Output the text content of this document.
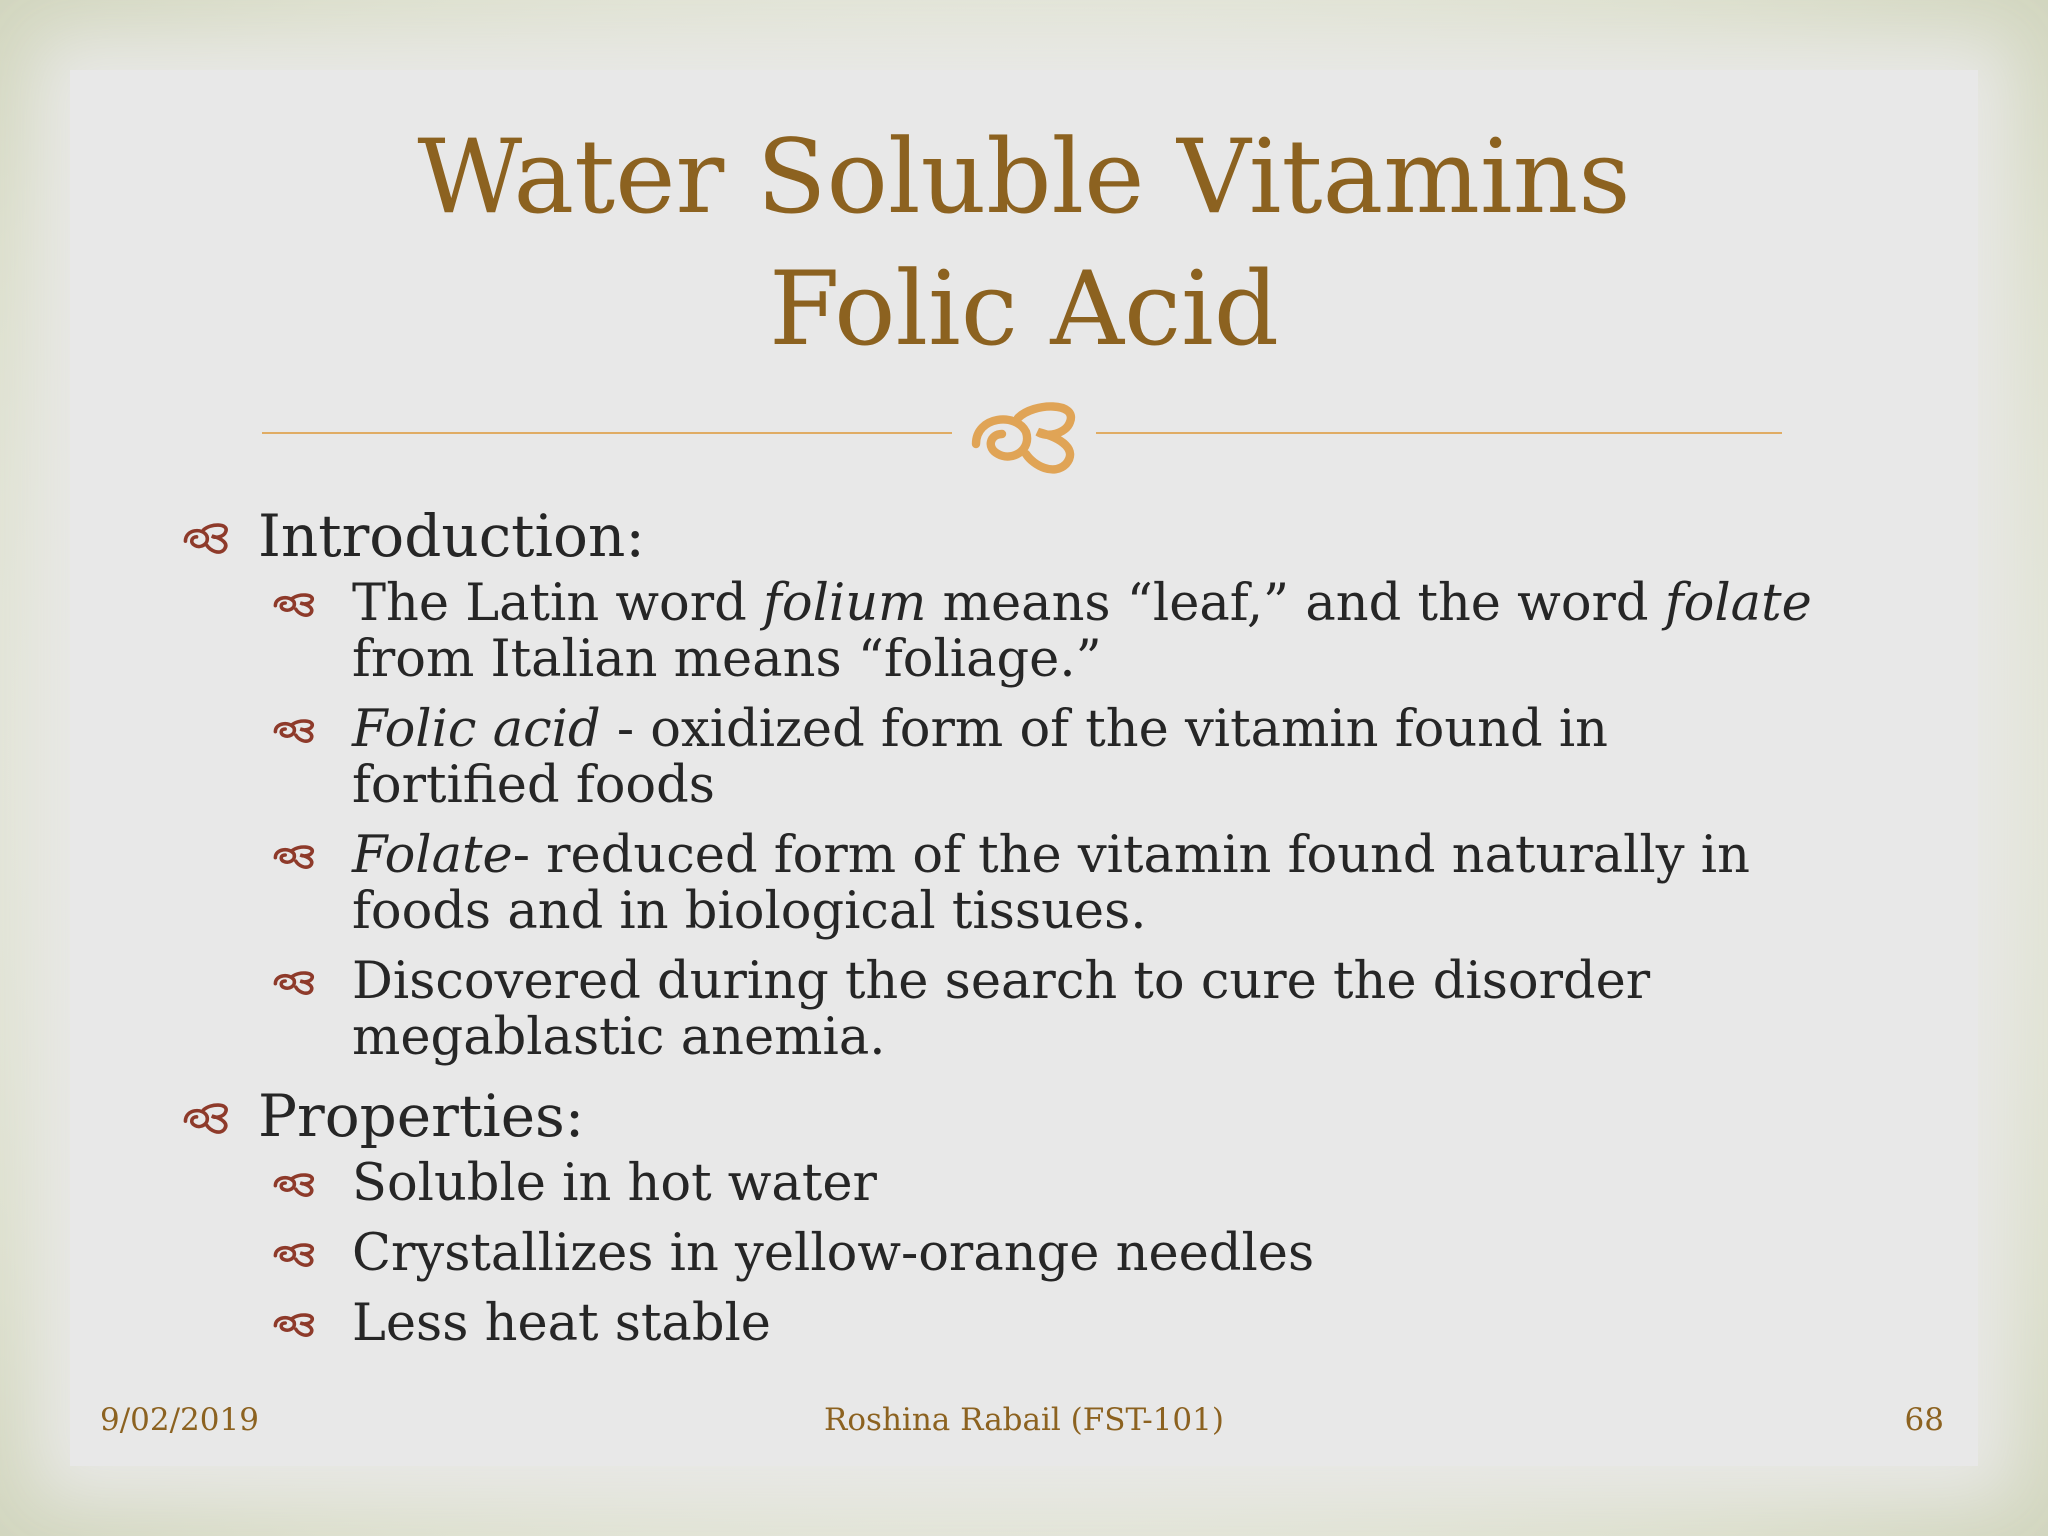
Water Soluble Vitamins
Folic Acid
Introduction:
The Latin word folium means “leaf,” and the word folate from Italian means “foliage.”
Folic acid - oxidized form of the vitamin found in fortified foods
Folate- reduced form of the vitamin found naturally in foods and in biological tissues.
Discovered during the search to cure the disorder megablastic anemia.
Properties:
Soluble in hot water
Crystallizes in yellow-orange needles
Less heat stable
9/02/2019	Roshina Rabail (FST-101)	68
